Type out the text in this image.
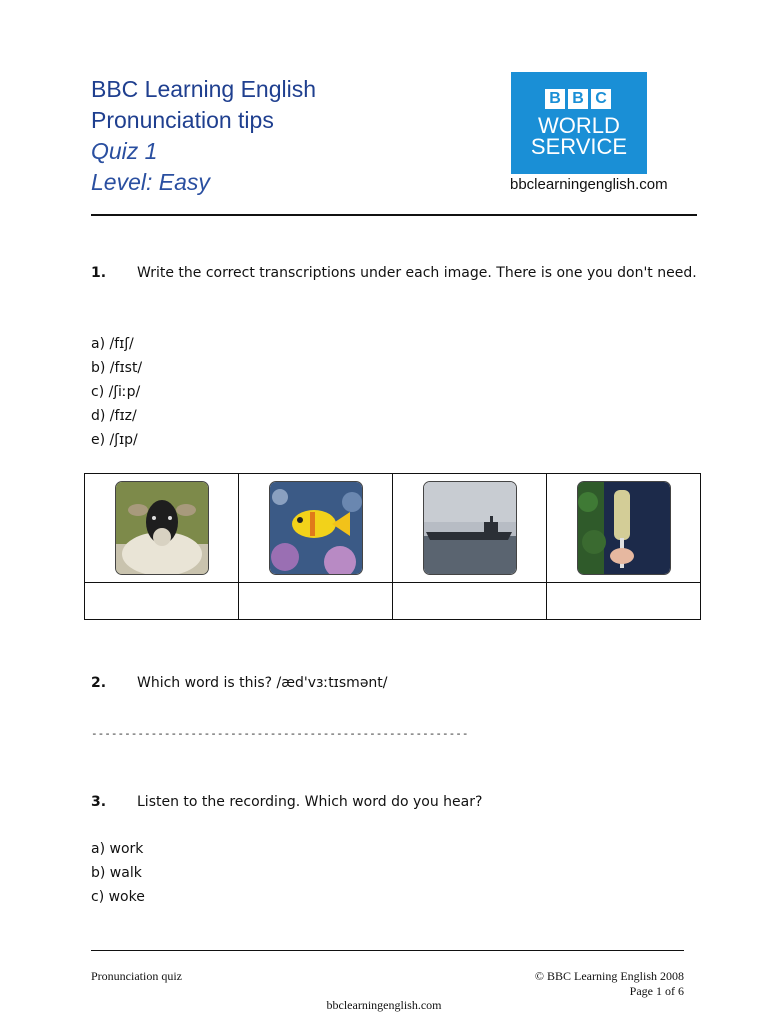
BBC Learning English
Pronunciation tips
Quiz 1
Level: Easy
B B C
WORLD
SERVICE
bbclearningenglish.com
1. Write the correct transcriptions under each image. There is one you don't need.
a) /fɪʃ/
b) /fɪst/
c) /ʃiːp/
d) /fɪz/
e) /ʃɪp/

2. Which word is this? /æd'vɜːtɪsmənt/
---------------------------------------------------------
3. Listen to the recording. Which word do you hear?
a) work
b) walk
c) woke
Pronunciation quiz	© BBC Learning English 2008
Page 1 of 6
bbclearningenglish.com
